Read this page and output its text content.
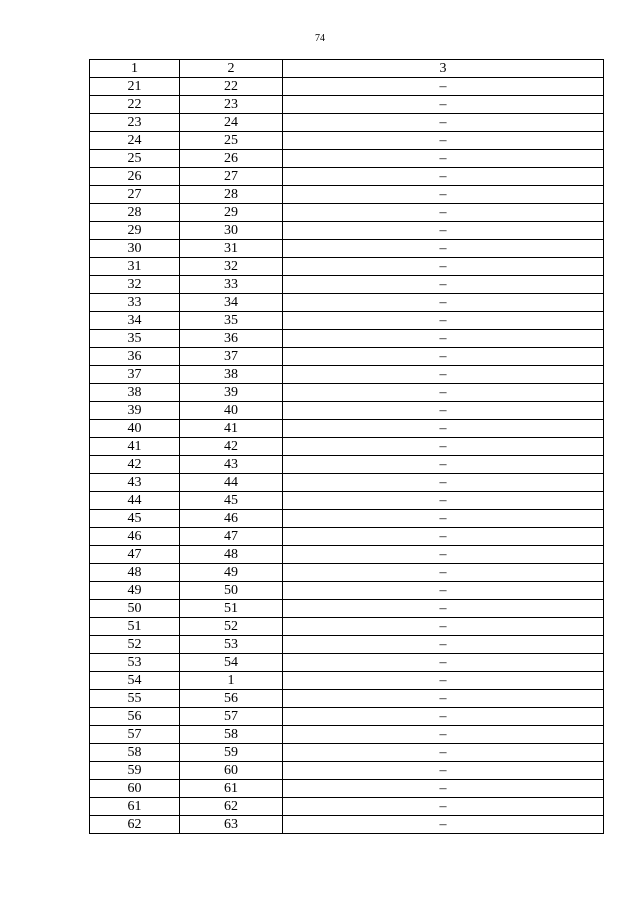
74
1	2	3
21	22	–
22	23	–
23	24	–
24	25	–
25	26	–
26	27	–
27	28	–
28	29	–
29	30	–
30	31	–
31	32	–
32	33	–
33	34	–
34	35	–
35	36	–
36	37	–
37	38	–
38	39	–
39	40	–
40	41	–
41	42	–
42	43	–
43	44	–
44	45	–
45	46	–
46	47	–
47	48	–
48	49	–
49	50	–
50	51	–
51	52	–
52	53	–
53	54	–
54	1	–
55	56	–
56	57	–
57	58	–
58	59	–
59	60	–
60	61	–
61	62	–
62	63	–
